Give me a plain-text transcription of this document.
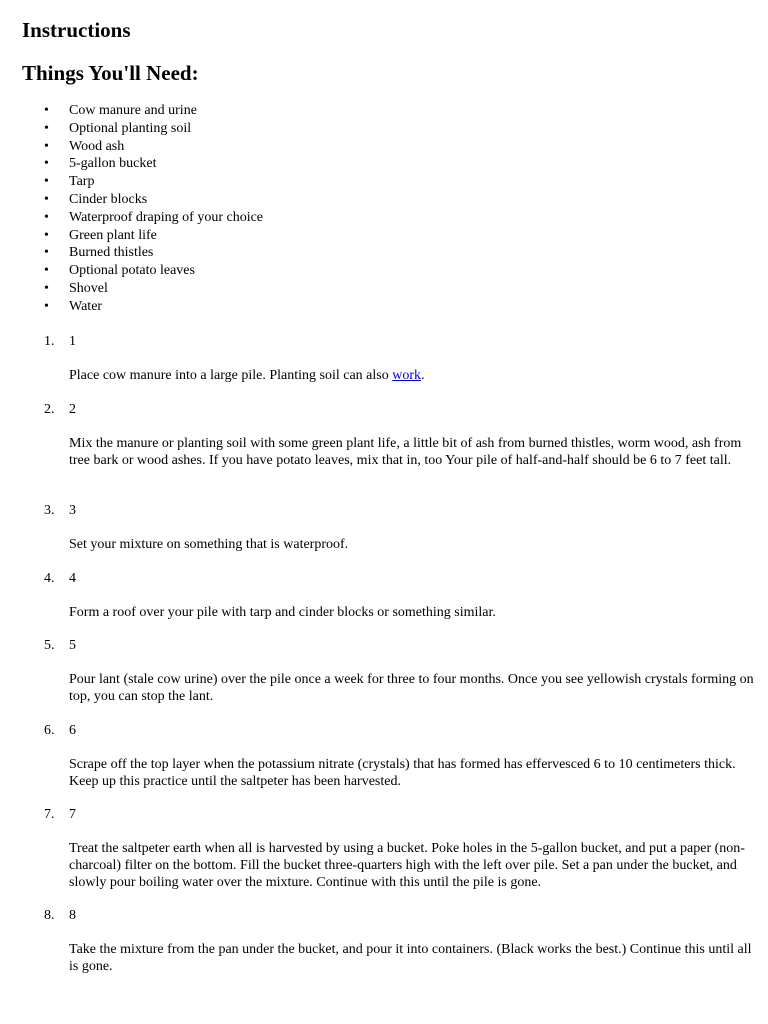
Instructions
Things You'll Need:
• Cow manure and urine
• Optional planting soil
• Wood ash
• 5-gallon bucket
• Tarp
• Cinder blocks
• Waterproof draping of your choice
• Green plant life
• Burned thistles
• Optional potato leaves
• Shovel
• Water
1. 1
Place cow manure into a large pile. Planting soil can also work.
2. 2
Mix the manure or planting soil with some green plant life, a little bit of ash from burned thistles, worm wood, ash from tree bark or wood ashes. If you have potato leaves, mix that in, too Your pile of half-and-half should be 6 to 7 feet tall.
3. 3
Set your mixture on something that is waterproof.
4. 4
Form a roof over your pile with tarp and cinder blocks or something similar.
5. 5
Pour lant (stale cow urine) over the pile once a week for three to four months. Once you see yellowish crystals forming on top, you can stop the lant.
6. 6
Scrape off the top layer when the potassium nitrate (crystals) that has formed has effervesced 6 to 10 centimeters thick. Keep up this practice until the saltpeter has been harvested.
7. 7
Treat the saltpeter earth when all is harvested by using a bucket. Poke holes in the 5-gallon bucket, and put a paper (non-charcoal) filter on the bottom. Fill the bucket three-quarters high with the left over pile. Set a pan under the bucket, and slowly pour boiling water over the mixture. Continue with this until the pile is gone.
8. 8
Take the mixture from the pan under the bucket, and pour it into containers. (Black works the best.) Continue this until all is gone.
